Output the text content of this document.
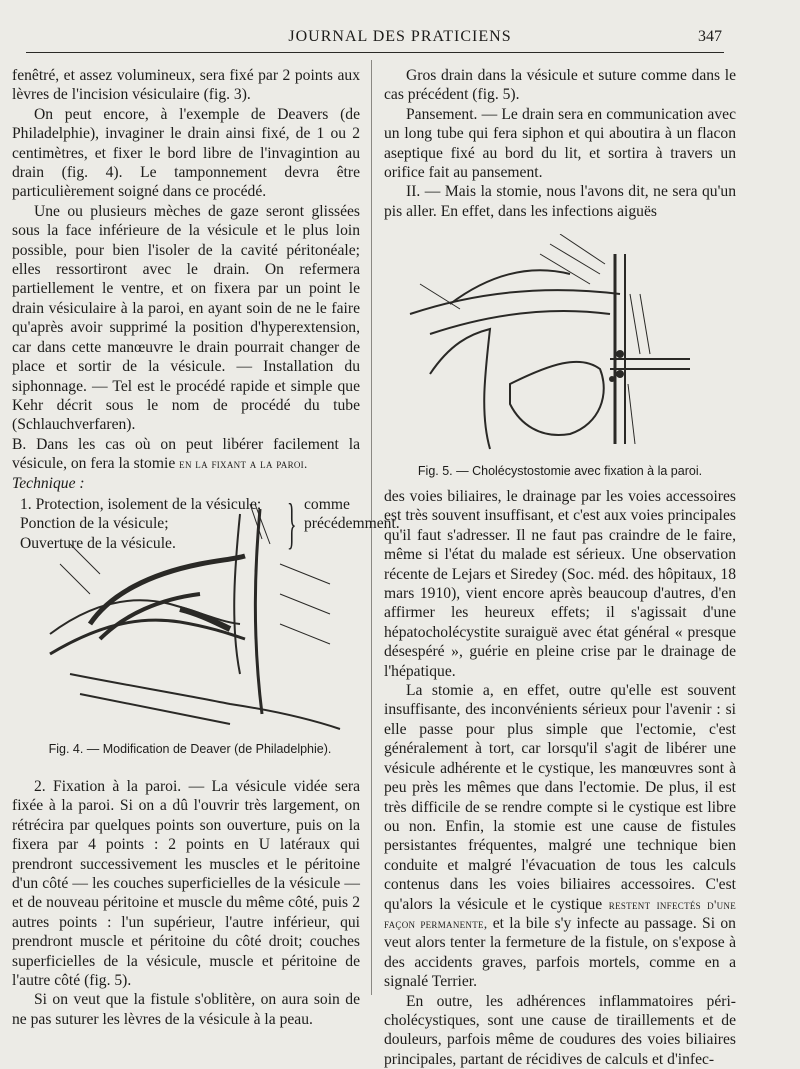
JOURNAL DES PRATICIENS	347

fenêtré, et assez volumineux, sera fixé par 2 points aux lèvres de l'incision vésiculaire (fig. 3).

On peut encore, à l'exemple de Deavers (de Philadelphie), invaginer le drain ainsi fixé, de 1 ou 2 centimètres, et fixer le bord libre de l'invagintion au drain (fig. 4). Le tamponnement devra être particulièrement soigné dans ce procédé.

Une ou plusieurs mèches de gaze seront glissées sous la face inférieure de la vésicule et le plus loin possible, pour bien l'isoler de la cavité péritonéale; elles ressortiront avec le drain. On refermera partiellement le ventre, et on fixera par un point le drain vésiculaire à la paroi, en ayant soin de ne le faire qu'après avoir supprimé la position d'hyperextension, car dans cette manœuvre le drain pourrait changer de place et sortir de la vésicule. — Installation du siphonnage. — Tel est le procédé rapide et simple que Kehr décrit sous le nom de procédé du tube (Schlauchverfaren).

B. Dans les cas où on peut libérer facilement la vésicule, on fera la stomie en la fixant a la paroi.

Technique :

1. Protection, isolement de la vésicule;
Ponction de la vésicule;
Ouverture de la vésicule.	} comme précédemment.
Fig. 4. — Modification de Deaver (de Philadelphie).

2. Fixation à la paroi. — La vésicule vidée sera fixée à la paroi. Si on a dû l'ouvrir très largement, on rétrécira par quelques points son ouverture, puis on la fixera par 4 points : 2 points en U latéraux qui prendront successivement les muscles et le péritoine d'un côté — les couches superficielles de la vésicule — et de nouveau péritoine et muscle du même côté, puis 2 autres points : l'un supérieur, l'autre inférieur, qui prendront muscle et péritoine du côté droit; couches superficielles de la vésicule, muscle et péritoine de l'autre côté (fig. 5).

Si on veut que la fistule s'oblitère, on aura soin de ne pas suturer les lèvres de la vésicule à la peau.

Gros drain dans la vésicule et suture comme dans le cas précédent (fig. 5).

Pansement. — Le drain sera en communication avec un long tube qui fera siphon et qui aboutira à un flacon aseptique fixé au bord du lit, et sortira à travers un orifice fait au pansement.

II. — Mais la stomie, nous l'avons dit, ne sera qu'un pis aller. En effet, dans les infections aiguës

Fig. 5. — Cholécystostomie avec fixation à la paroi.

des voies biliaires, le drainage par les voies accessoires est très souvent insuffisant, et c'est aux voies principales qu'il faut s'adresser. Il ne faut pas craindre de le faire, même si l'état du malade est sérieux. Une observation récente de Lejars et Siredey (Soc. méd. des hôpitaux, 18 mars 1910), vient encore après beaucoup d'autres, d'en affirmer les heureux effets; il s'agissait d'une hépatocholécystite suraiguë avec état général « presque désespéré », guérie en pleine crise par le drainage de l'hépatique.

La stomie a, en effet, outre qu'elle est souvent insuffisante, des inconvénients sérieux pour l'avenir : si elle passe pour plus simple que l'ectomie, c'est généralement à tort, car lorsqu'il s'agit de libérer une vésicule adhérente et le cystique, les manœuvres sont à peu près les mêmes que dans l'ectomie. De plus, il est très difficile de se rendre compte si le cystique est libre ou non. Enfin, la stomie est une cause de fistules persistantes fréquentes, malgré une technique bien conduite et malgré l'évacuation de tous les calculs contenus dans les voies biliaires accessoires. C'est qu'alors la vésicule et le cystique restent infectés d'une façon permanente, et la bile s'y infecte au passage. Si on veut alors tenter la fermeture de la fistule, on s'expose à des accidents graves, parfois mortels, comme en a signalé Terrier.

En outre, les adhérences inflammatoires péri-cholécystiques, sont une cause de tiraillements et de douleurs, parfois même de coudures des voies biliaires principales, partant de récidives de calculs et d'infec-
